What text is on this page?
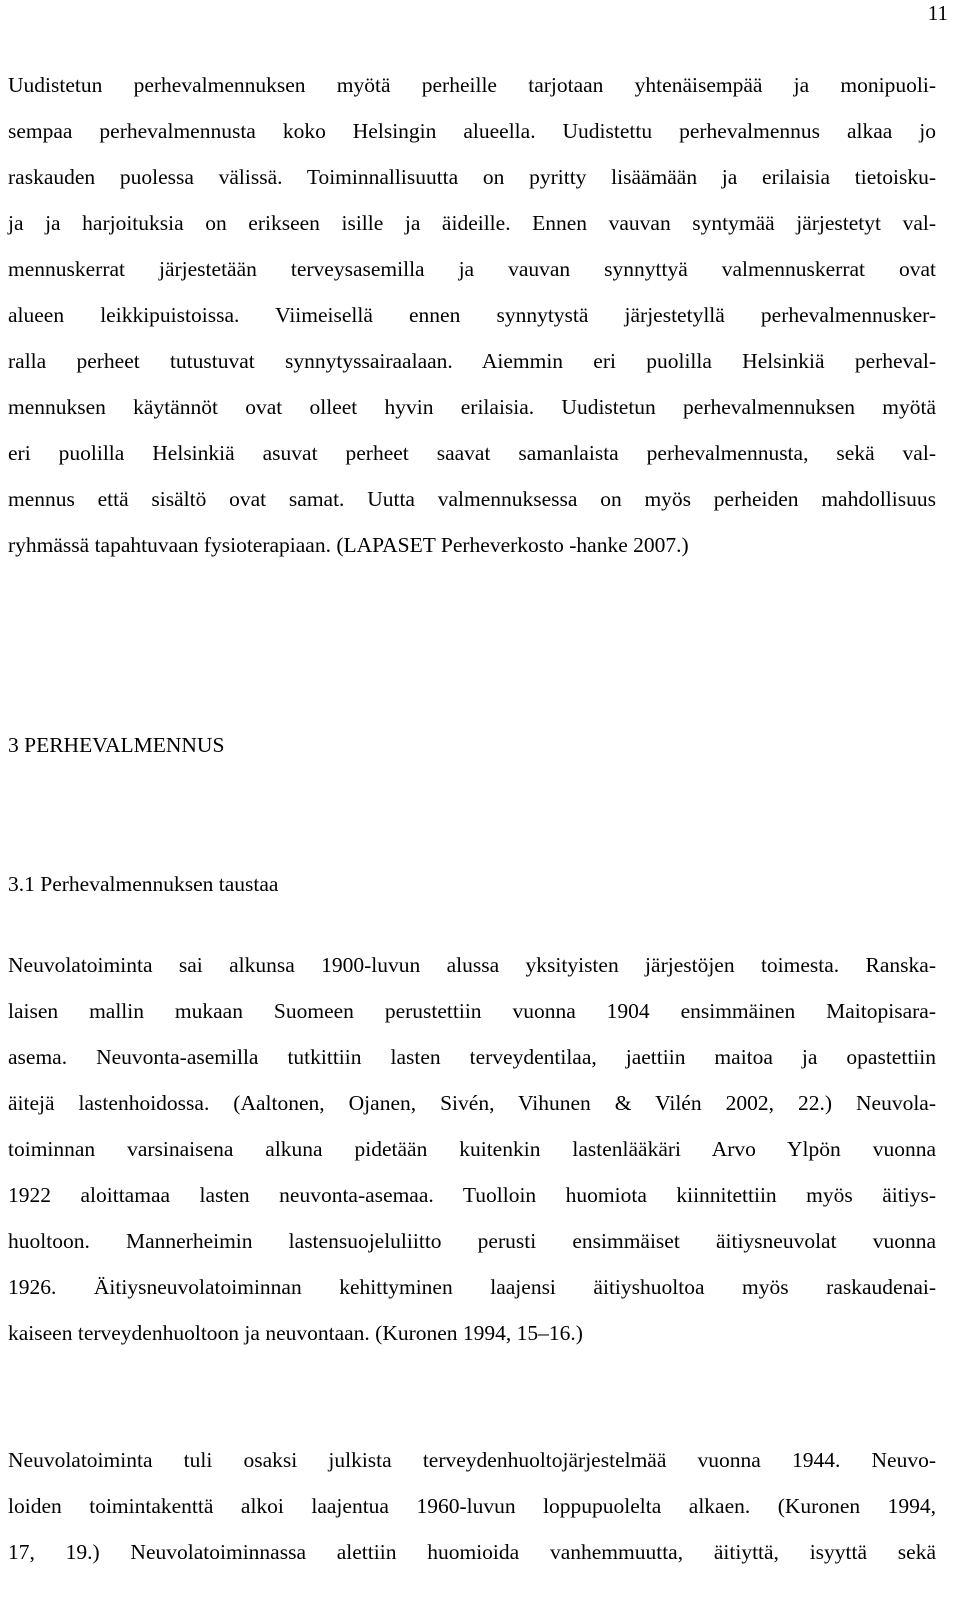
11
Uudistetun perhevalmennuksen myötä perheille tarjotaan yhtenäisempää ja monipuoli-
sempaa perhevalmennusta koko Helsingin alueella. Uudistettu perhevalmennus alkaa jo
raskauden puolessa välissä. Toiminnallisuutta on pyritty lisäämään ja erilaisia tietoisku-
ja ja harjoituksia on erikseen isille ja äideille. Ennen vauvan syntymää järjestetyt val-
mennuskerrat järjestetään terveysasemilla ja vauvan synnyttyä valmennuskerrat ovat
alueen leikkipuistoissa. Viimeisellä ennen synnytystä järjestetyllä perhevalmennusker-
ralla perheet tutustuvat synnytyssairaalaan. Aiemmin eri puolilla Helsinkiä perheval-
mennuksen käytännöt ovat olleet hyvin erilaisia. Uudistetun perhevalmennuksen myötä
eri puolilla Helsinkiä asuvat perheet saavat samanlaista perhevalmennusta, sekä val-
mennus että sisältö ovat samat. Uutta valmennuksessa on myös perheiden mahdollisuus
ryhmässä tapahtuvaan fysioterapiaan. (LAPASET Perheverkosto -hanke 2007.)
3 PERHEVALMENNUS
3.1 Perhevalmennuksen taustaa
Neuvolatoiminta sai alkunsa 1900-luvun alussa yksityisten järjestöjen toimesta. Ranska-
laisen mallin mukaan Suomeen perustettiin vuonna 1904 ensimmäinen Maitopisara-
asema. Neuvonta-asemilla tutkittiin lasten terveydentilaa, jaettiin maitoa ja opastettiin
äitejä lastenhoidossa. (Aaltonen, Ojanen, Sivén, Vihunen & Vilén 2002, 22.) Neuvola-
toiminnan varsinaisena alkuna pidetään kuitenkin lastenlääkäri Arvo Ylpön vuonna
1922 aloittamaa lasten neuvonta-asemaa. Tuolloin huomiota kiinnitettiin myös äitiys-
huoltoon. Mannerheimin lastensuojeluliitto perusti ensimmäiset äitiysneuvolat vuonna
1926. Äitiysneuvolatoiminnan kehittyminen laajensi äitiyshuoltoa myös raskaudenai-
kaiseen terveydenhuoltoon ja neuvontaan. (Kuronen 1994, 15–16.)
Neuvolatoiminta tuli osaksi julkista terveydenhuoltojärjestelmää vuonna 1944. Neuvo-
loiden toimintakenttä alkoi laajentua 1960-luvun loppupuolelta alkaen. (Kuronen 1994,
17, 19.) Neuvolatoiminnassa alettiin huomioida vanhemmuutta, äitiyttä, isyyttä sekä
